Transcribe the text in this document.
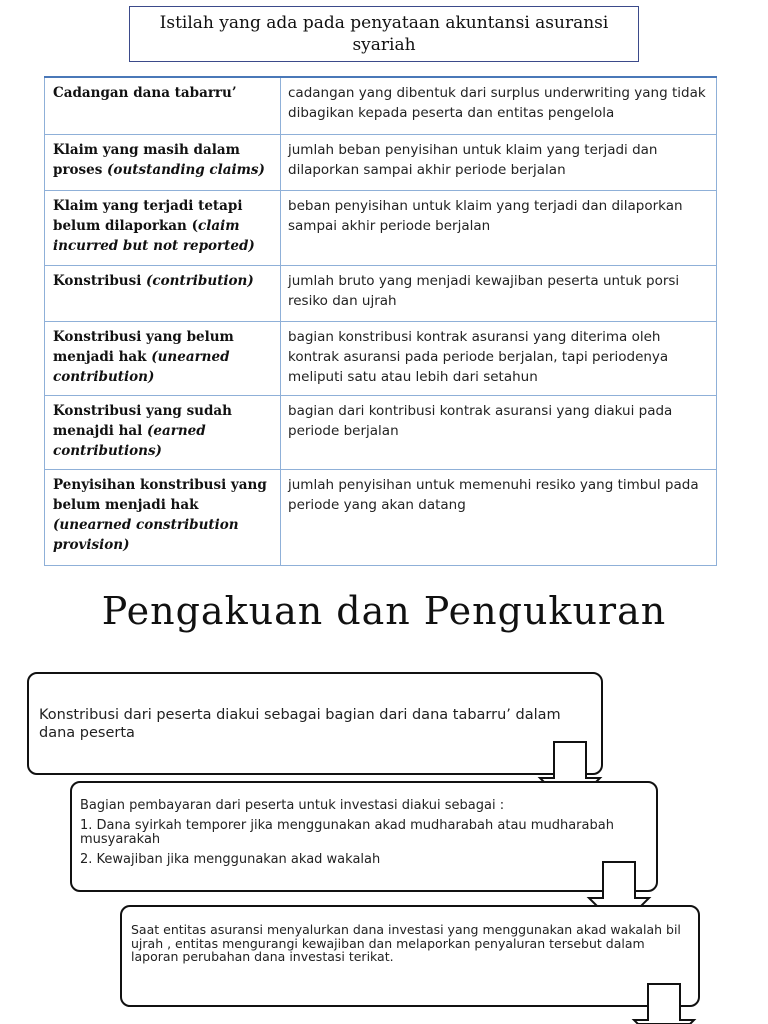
Istilah yang ada pada penyataan akuntansi asuransi syariah
Cadangan dana tabarru’	cadangan yang dibentuk dari surplus underwriting yang tidak dibagikan kepada peserta dan entitas pengelola
Klaim yang masih dalam proses (outstanding claims)	jumlah beban penyisihan untuk klaim yang terjadi dan dilaporkan sampai akhir periode berjalan
Klaim yang terjadi tetapi belum dilaporkan (claim incurred but not reported)	beban penyisihan untuk klaim yang terjadi dan dilaporkan sampai akhir periode berjalan
Konstribusi (contribution)	jumlah bruto yang menjadi kewajiban peserta untuk porsi resiko dan ujrah
Konstribusi yang belum menjadi hak (unearned contribution)	bagian konstribusi kontrak asuransi yang diterima oleh kontrak asuransi pada periode berjalan, tapi periodenya meliputi satu atau lebih dari setahun
Konstribusi yang sudah menajdi hal (earned contributions)	bagian dari kontribusi kontrak asuransi yang diakui pada periode berjalan
Penyisihan konstribusi yang belum menjadi hak (unearned constribution provision)	jumlah penyisihan untuk memenuhi resiko yang timbul pada periode yang akan datang
Pengakuan dan Pengukuran

Konstribusi dari peserta diakui sebagai bagian dari dana tabarru’ dalam dana peserta

Bagian pembayaran dari peserta untuk investasi diakui sebagai :

1. Dana syirkah temporer jika menggunakan akad mudharabah atau mudharabah musyarakah

2. Kewajiban jika menggunakan akad wakalah

Saat entitas asuransi menyalurkan dana investasi yang menggunakan akad wakalah bil ujrah , entitas mengurangi kewajiban dan melaporkan penyaluran tersebut dalam laporan perubahan dana investasi terikat.
